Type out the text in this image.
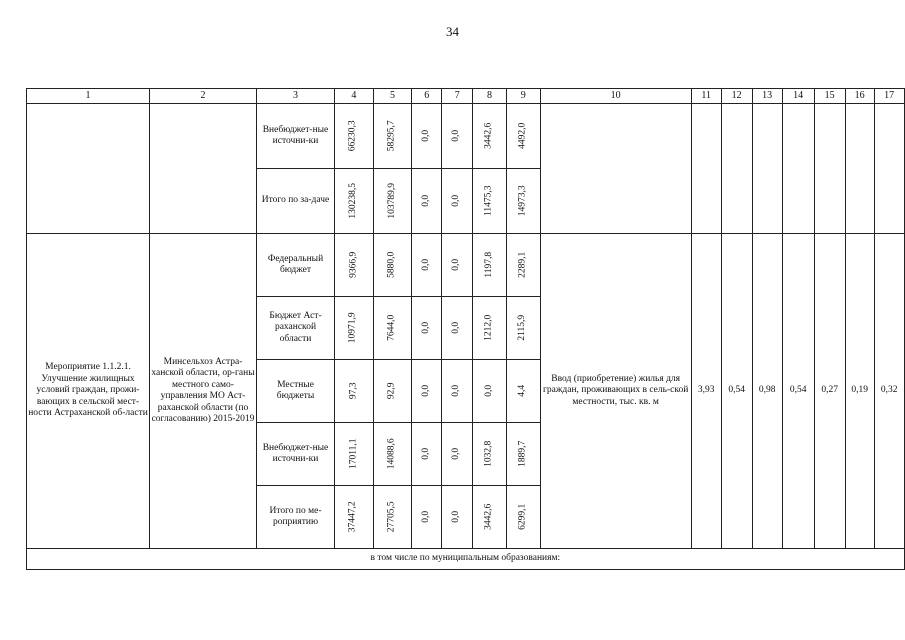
34
1	2	3	4	5	6	7	8	9	10	11	12	13	14	15	16	17
		Внебюджет-ные источни-ки	66230,3	58295,7	0,0	0,0	3442,6	4492,0								
		Итого по за-даче	130238,5	103789,9	0,0	0,0	11475,3	14973,3								
Мероприятие 1.1.2.1. Улучшение жилищных условий граждан, прожи-вающих в сельской мест-ности Астраханской об-ласти	Минсельхоз Астра-ханской области, ор-ганы местного само-управления МО Аст-раханской области (по согласованию) 2015-2019	Федеральный бюджет	9366,9	5880,0	0,0	0,0	1197,8	2289,1	Ввод (приобретение) жилья для граждан, проживающих в сель-ской местности, тыс. кв. м	3,93	0,54	0,98	0,54	0,27	0,19	0,32
		Бюджет Аст-раханской области	10971,9	7644,0	0,0	0,0	1212,0	2115,9								
		Местные бюджеты	97,3	92,9	0,0	0,0	0,0	4,4								
		Внебюджет-ные источни-ки	17011,1	14088,6	0,0	0,0	1032,8	1889,7								
		Итого по ме-роприятию	37447,2	27705,5	0,0	0,0	3442,6	6299,1								
в том числе по муниципальным образованиям:																
